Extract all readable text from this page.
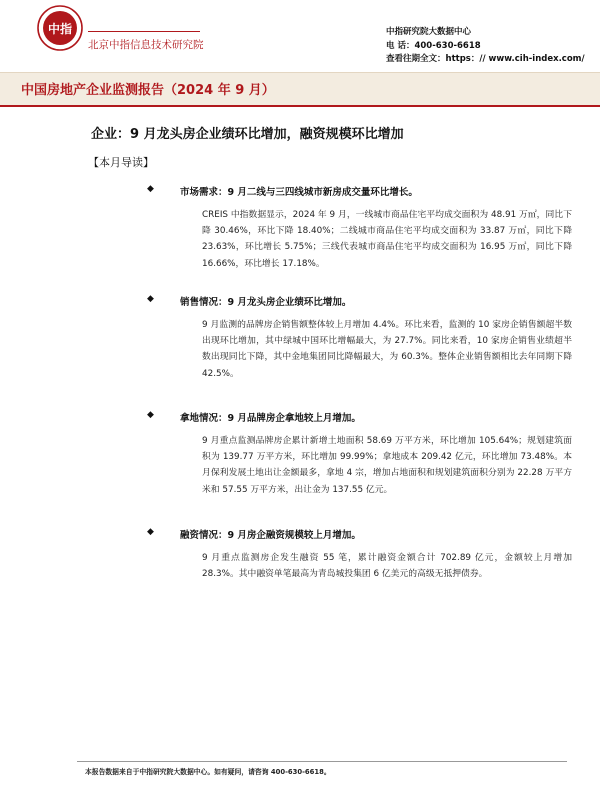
中指
北京中指信息技术研究院
中指研究院大数据中心
电 话：400-630-6618
查看往期全文：https：// www.cih-index.com/
中国房地产企业监测报告（2024 年 9 月）
企业：9 月龙头房企业绩环比增加，融资规模环比增加
【本月导读】
◆	市场需求：9 月二线与三四线城市新房成交量环比增长。
CREIS 中指数据显示，2024 年 9 月，一线城市商品住宅平均成交面积为 48.91 万㎡，同比下降 30.46%，环比下降 18.40%；二线城市商品住宅平均成交面积为 33.87 万㎡，同比下降 23.63%，环比增长 5.75%；三线代表城市商品住宅平均成交面积为 16.95 万㎡，同比下降 16.66%，环比增长 17.18%。
◆	销售情况：9 月龙头房企业绩环比增加。
9 月监测的品牌房企销售额整体较上月增加 4.4%。环比来看，监测的 10 家房企销售额超半数出现环比增加，其中绿城中国环比增幅最大，为 27.7%。同比来看，10 家房企销售业绩超半数出现同比下降，其中金地集团同比降幅最大，为 60.3%。整体企业销售额相比去年同期下降 42.5%。
◆	拿地情况：9 月品牌房企拿地较上月增加。
9 月重点监测品牌房企累计新增土地面积 58.69 万平方米，环比增加 105.64%；规划建筑面积为 139.77 万平方米，环比增加 99.99%；拿地成本 209.42 亿元，环比增加 73.48%。本月保利发展土地出让金额最多，拿地 4 宗，增加占地面积和规划建筑面积分别为 22.28 万平方米和 57.55 万平方米，出让金为 137.55 亿元。
◆	融资情况：9 月房企融资规模较上月增加。
9 月重点监测房企发生融资 55 笔，累计融资金额合计 702.89 亿元，金额较上月增加 28.3%。其中融资单笔最高为青岛城投集团 6 亿美元的高级无抵押债券。
本报告数据来自于中指研究院大数据中心。如有疑问，请咨询 400-630-6618。
